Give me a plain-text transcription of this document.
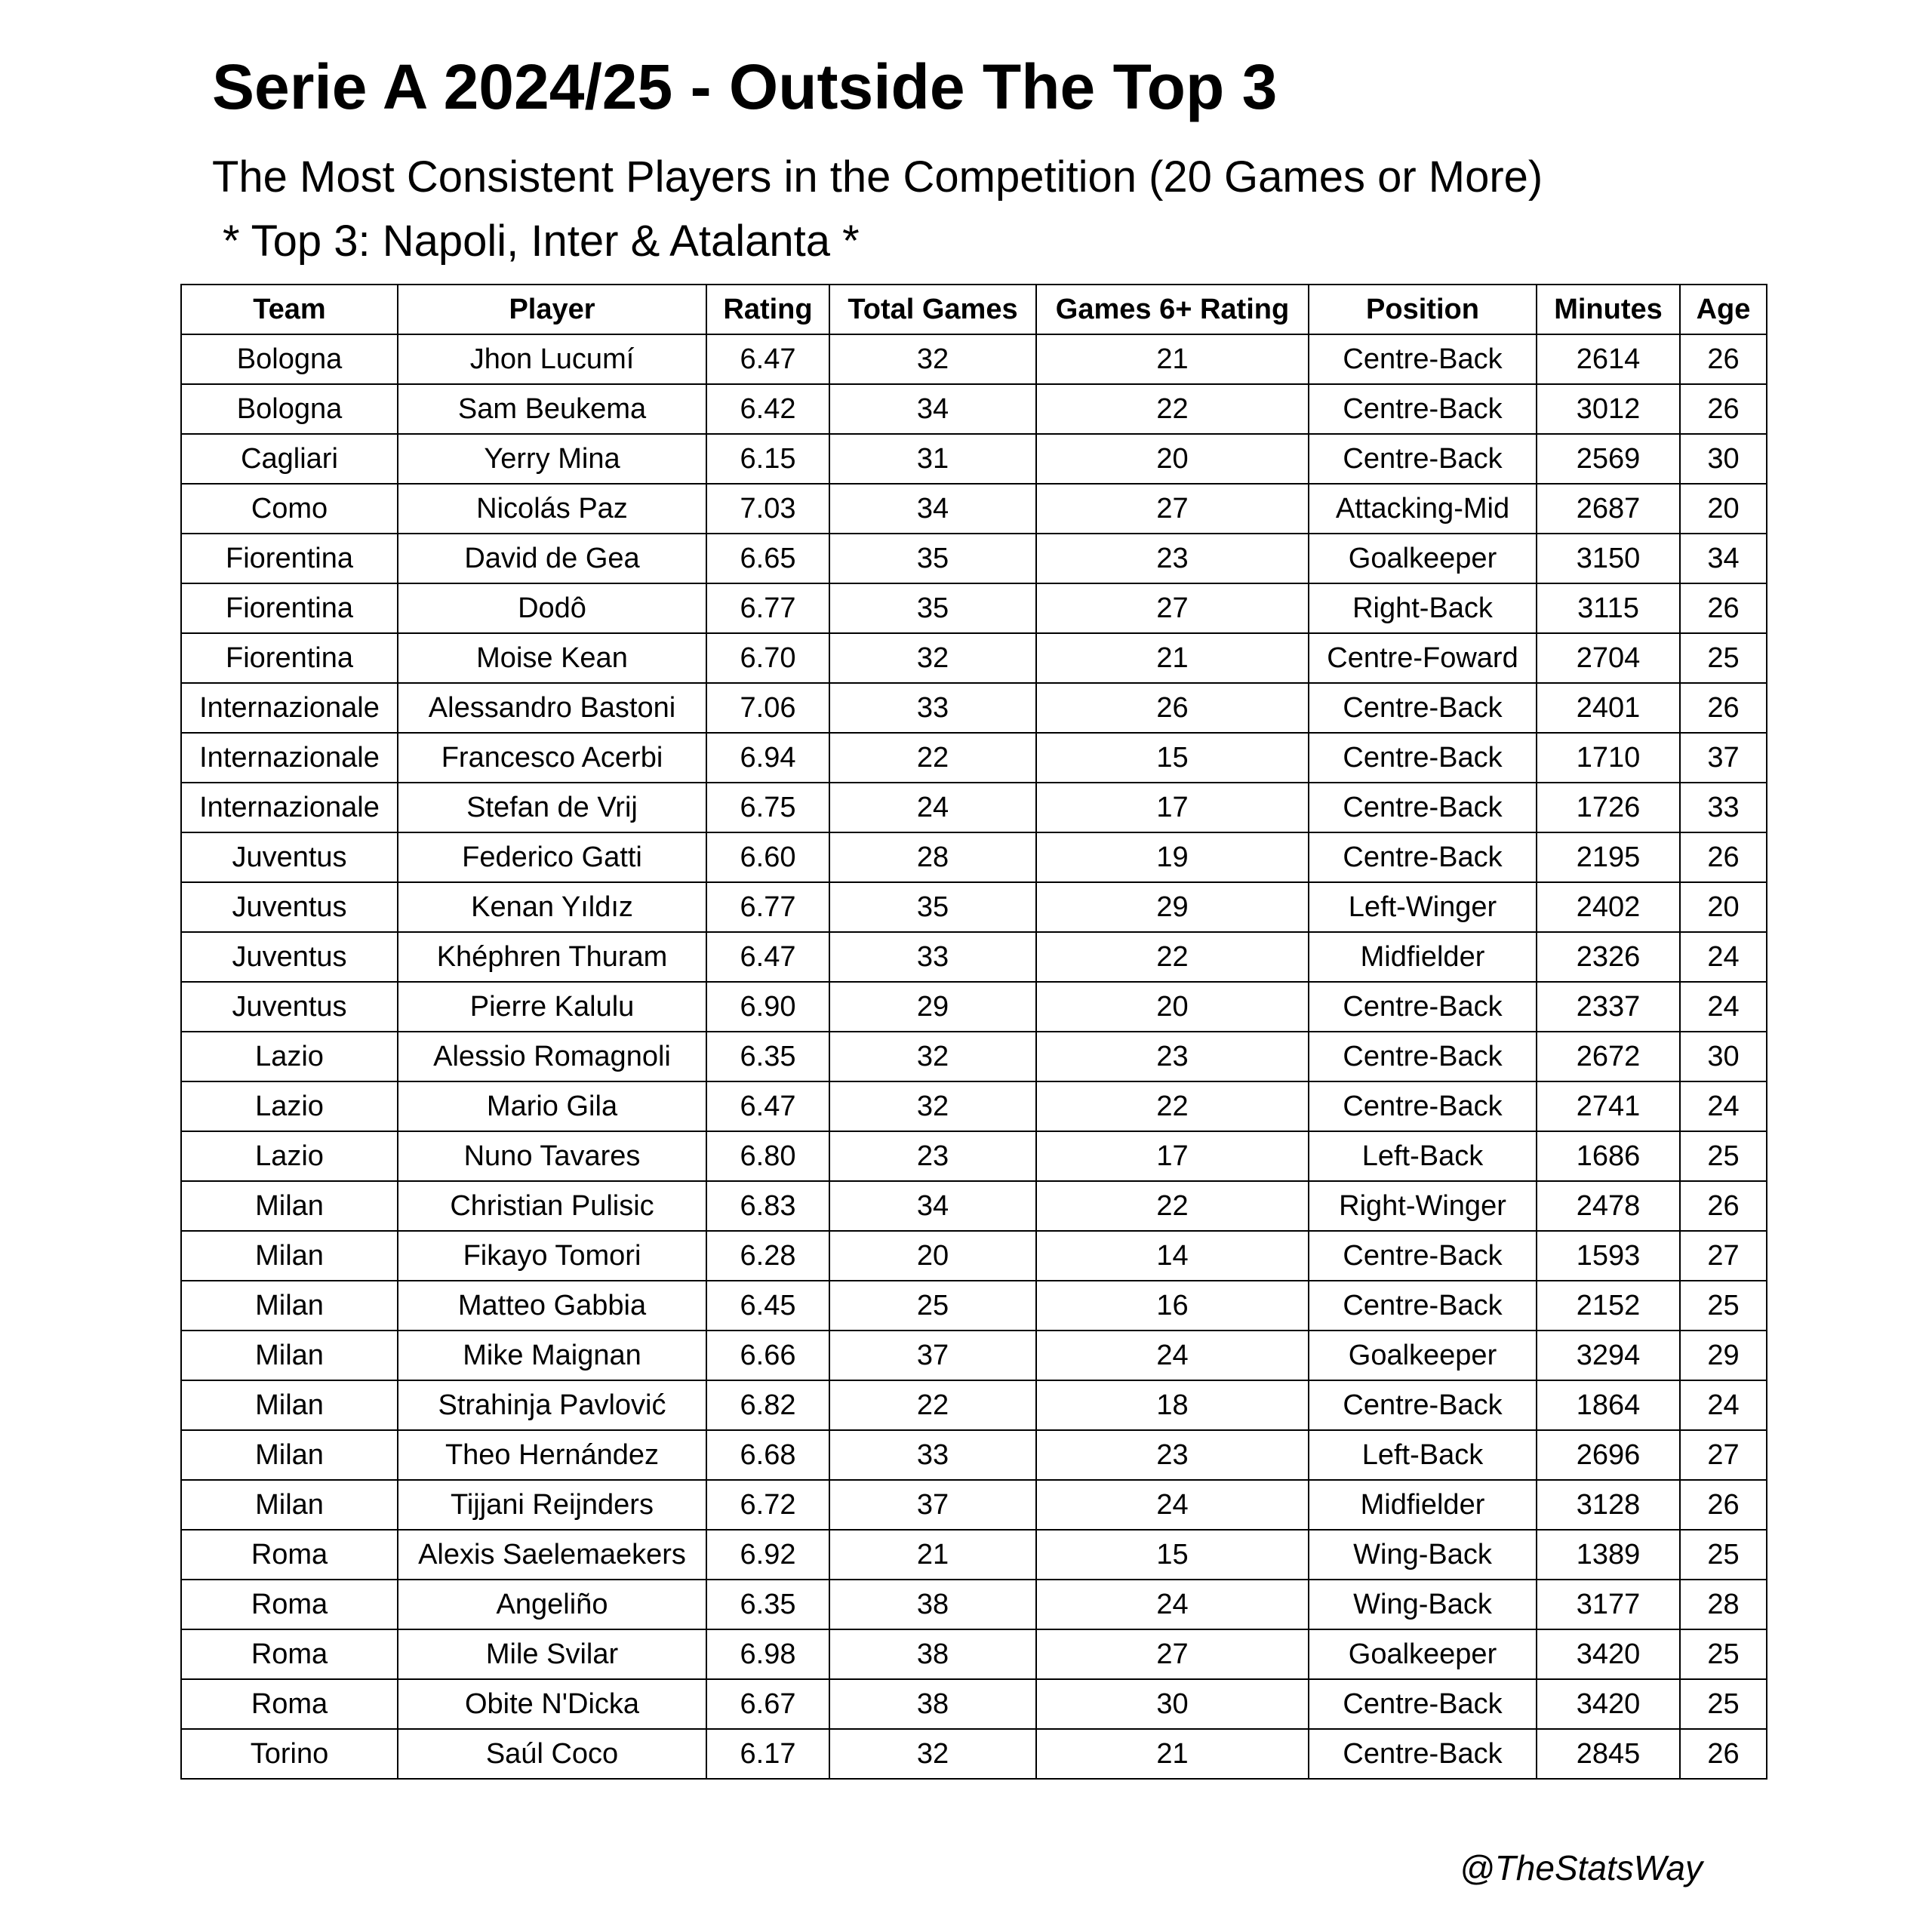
Serie A 2024/25 - Outside The Top 3
The Most Consistent Players in the Competition (20 Games or More)
* Top 3: Napoli, Inter & Atalanta *
Team	Player	Rating	Total Games	Games 6+ Rating	Position	Minutes	Age
Bologna	Jhon Lucumí	6.47	32	21	Centre-Back	2614	26
Bologna	Sam Beukema	6.42	34	22	Centre-Back	3012	26
Cagliari	Yerry Mina	6.15	31	20	Centre-Back	2569	30
Como	Nicolás Paz	7.03	34	27	Attacking-Mid	2687	20
Fiorentina	David de Gea	6.65	35	23	Goalkeeper	3150	34
Fiorentina	Dodô	6.77	35	27	Right-Back	3115	26
Fiorentina	Moise Kean	6.70	32	21	Centre-Foward	2704	25
Internazionale	Alessandro Bastoni	7.06	33	26	Centre-Back	2401	26
Internazionale	Francesco Acerbi	6.94	22	15	Centre-Back	1710	37
Internazionale	Stefan de Vrij	6.75	24	17	Centre-Back	1726	33
Juventus	Federico Gatti	6.60	28	19	Centre-Back	2195	26
Juventus	Kenan Yıldız	6.77	35	29	Left-Winger	2402	20
Juventus	Khéphren Thuram	6.47	33	22	Midfielder	2326	24
Juventus	Pierre Kalulu	6.90	29	20	Centre-Back	2337	24
Lazio	Alessio Romagnoli	6.35	32	23	Centre-Back	2672	30
Lazio	Mario Gila	6.47	32	22	Centre-Back	2741	24
Lazio	Nuno Tavares	6.80	23	17	Left-Back	1686	25
Milan	Christian Pulisic	6.83	34	22	Right-Winger	2478	26
Milan	Fikayo Tomori	6.28	20	14	Centre-Back	1593	27
Milan	Matteo Gabbia	6.45	25	16	Centre-Back	2152	25
Milan	Mike Maignan	6.66	37	24	Goalkeeper	3294	29
Milan	Strahinja Pavlović	6.82	22	18	Centre-Back	1864	24
Milan	Theo Hernández	6.68	33	23	Left-Back	2696	27
Milan	Tijjani Reijnders	6.72	37	24	Midfielder	3128	26
Roma	Alexis Saelemaekers	6.92	21	15	Wing-Back	1389	25
Roma	Angeliño	6.35	38	24	Wing-Back	3177	28
Roma	Mile Svilar	6.98	38	27	Goalkeeper	3420	25
Roma	Obite N'Dicka	6.67	38	30	Centre-Back	3420	25
Torino	Saúl Coco	6.17	32	21	Centre-Back	2845	26
@TheStatsWay
